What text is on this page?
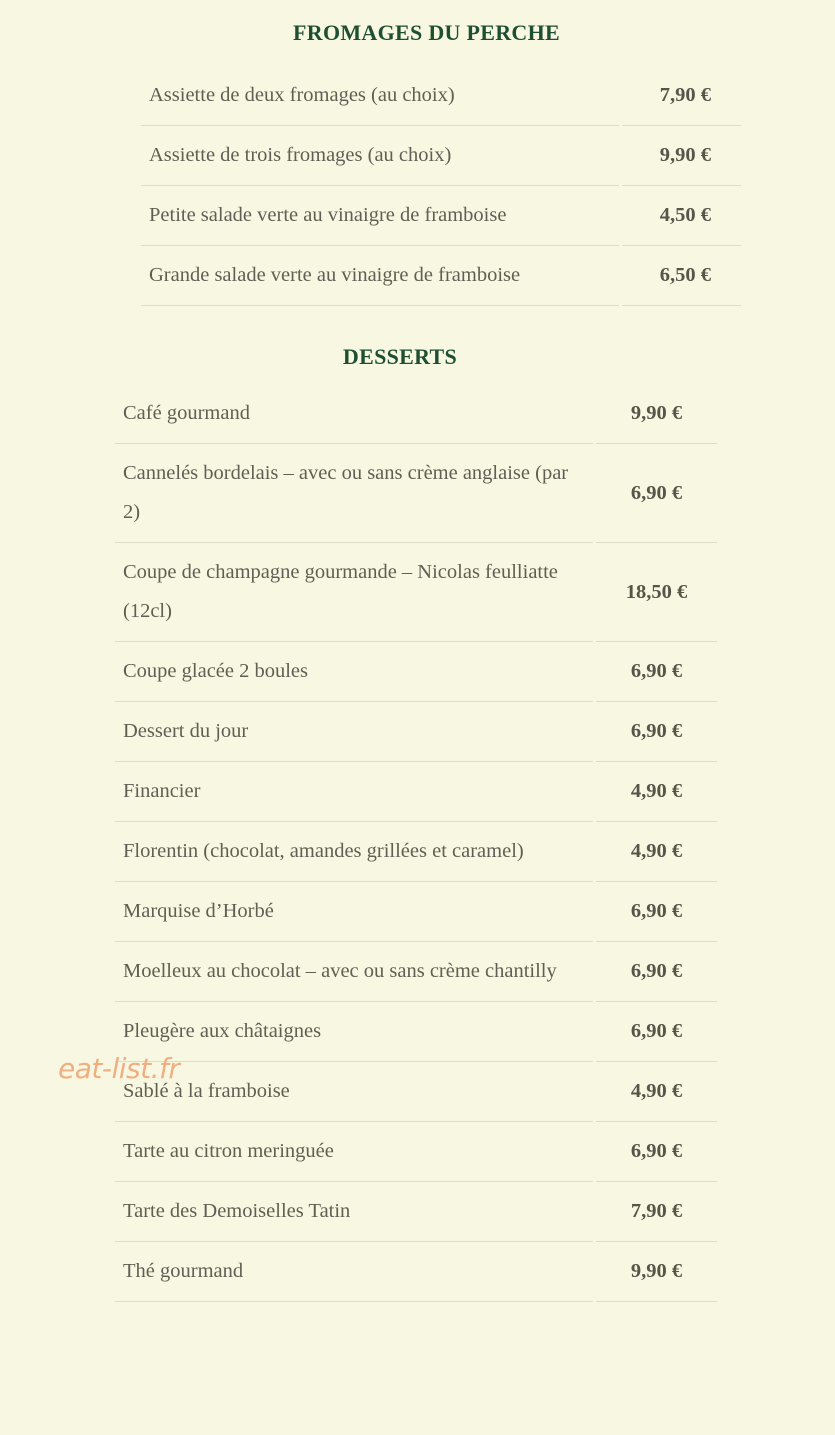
FROMAGES DU PERCHE
Assiette de deux fromages (au choix)	7,90 €
Assiette de trois fromages (au choix)	9,90 €
Petite salade verte au vinaigre de framboise	4,50 €
Grande salade verte au vinaigre de framboise	6,50 €
DESSERTS
Café gourmand	9,90 €
Cannelés bordelais – avec ou sans crème anglaise (par 2)	6,90 €
Coupe de champagne gourmande – Nicolas feulliatte (12cl)	18,50 €
Coupe glacée 2 boules	6,90 €
Dessert du jour	6,90 €
Financier	4,90 €
Florentin (chocolat, amandes grillées et caramel)	4,90 €
Marquise d’Horbé	6,90 €
Moelleux au chocolat – avec ou sans crème chantilly	6,90 €
Pleugère aux châtaignes	6,90 €
Sablé à la framboise	4,90 €
Tarte au citron meringuée	6,90 €
Tarte des Demoiselles Tatin	7,90 €
Thé gourmand	9,90 €
eat-list.fr
